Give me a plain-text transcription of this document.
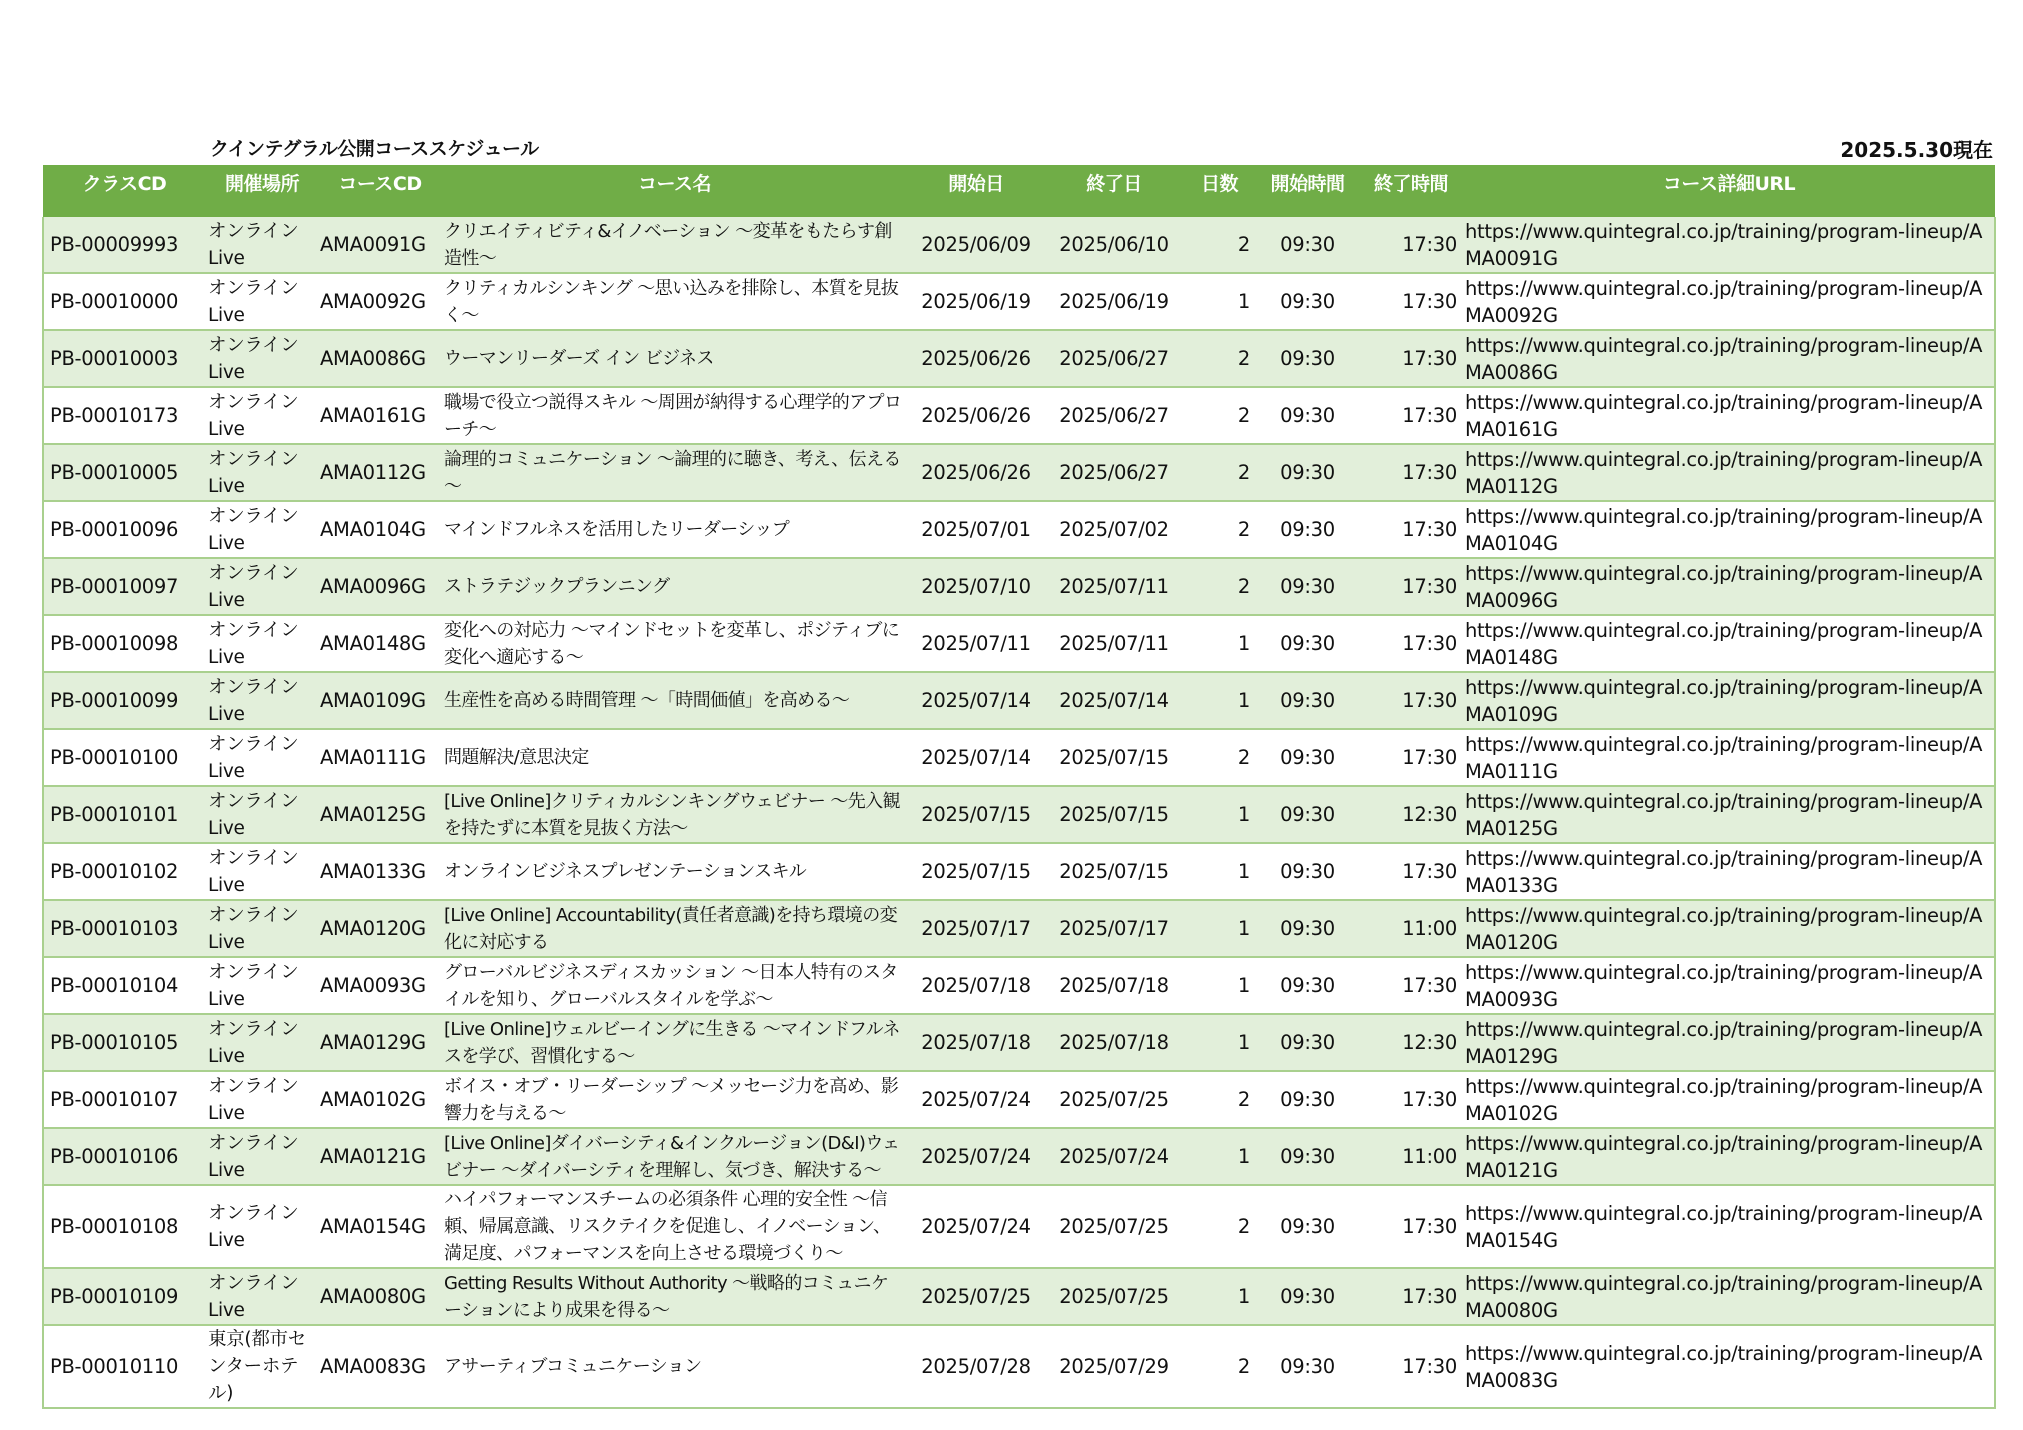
クインテグラル公開コーススケジュール	2025.5.30現在
クラスCD	開催場所	コースCD	コース名	開始日	終了日	日数	開始時間	終了時間	コース詳細URL
PB-00009993	オンライン Live	AMA0091G	クリエイティビティ&イノベーション ～変革をもたらす創造性～	2025/06/09	2025/06/10	2	09:30	17:30	https://www.quintegral.co.jp/training/program-lineup/AMA0091G
PB-00010000	オンライン Live	AMA0092G	クリティカルシンキング ～思い込みを排除し、本質を見抜く～	2025/06/19	2025/06/19	1	09:30	17:30	https://www.quintegral.co.jp/training/program-lineup/AMA0092G
PB-00010003	オンライン Live	AMA0086G	ウーマンリーダーズ イン ビジネス	2025/06/26	2025/06/27	2	09:30	17:30	https://www.quintegral.co.jp/training/program-lineup/AMA0086G
PB-00010173	オンライン Live	AMA0161G	職場で役立つ説得スキル ～周囲が納得する心理学的アプローチ～	2025/06/26	2025/06/27	2	09:30	17:30	https://www.quintegral.co.jp/training/program-lineup/AMA0161G
PB-00010005	オンライン Live	AMA0112G	論理的コミュニケーション ～論理的に聴き、考え、伝える～	2025/06/26	2025/06/27	2	09:30	17:30	https://www.quintegral.co.jp/training/program-lineup/AMA0112G
PB-00010096	オンライン Live	AMA0104G	マインドフルネスを活用したリーダーシップ	2025/07/01	2025/07/02	2	09:30	17:30	https://www.quintegral.co.jp/training/program-lineup/AMA0104G
PB-00010097	オンライン Live	AMA0096G	ストラテジックプランニング	2025/07/10	2025/07/11	2	09:30	17:30	https://www.quintegral.co.jp/training/program-lineup/AMA0096G
PB-00010098	オンライン Live	AMA0148G	変化への対応力 ～マインドセットを変革し、ポジティブに変化へ適応する～	2025/07/11	2025/07/11	1	09:30	17:30	https://www.quintegral.co.jp/training/program-lineup/AMA0148G
PB-00010099	オンライン Live	AMA0109G	生産性を高める時間管理 ～「時間価値」を高める～	2025/07/14	2025/07/14	1	09:30	17:30	https://www.quintegral.co.jp/training/program-lineup/AMA0109G
PB-00010100	オンライン Live	AMA0111G	問題解決/意思決定	2025/07/14	2025/07/15	2	09:30	17:30	https://www.quintegral.co.jp/training/program-lineup/AMA0111G
PB-00010101	オンライン Live	AMA0125G	[Live Online]クリティカルシンキングウェビナー ～先入観を持たずに本質を見抜く方法～	2025/07/15	2025/07/15	1	09:30	12:30	https://www.quintegral.co.jp/training/program-lineup/AMA0125G
PB-00010102	オンライン Live	AMA0133G	オンラインビジネスプレゼンテーションスキル	2025/07/15	2025/07/15	1	09:30	17:30	https://www.quintegral.co.jp/training/program-lineup/AMA0133G
PB-00010103	オンライン Live	AMA0120G	[Live Online] Accountability(責任者意識)を持ち環境の変化に対応する	2025/07/17	2025/07/17	1	09:30	11:00	https://www.quintegral.co.jp/training/program-lineup/AMA0120G
PB-00010104	オンライン Live	AMA0093G	グローバルビジネスディスカッション ～日本人特有のスタイルを知り、グローバルスタイルを学ぶ～	2025/07/18	2025/07/18	1	09:30	17:30	https://www.quintegral.co.jp/training/program-lineup/AMA0093G
PB-00010105	オンライン Live	AMA0129G	[Live Online]ウェルビーイングに生きる ～マインドフルネスを学び、習慣化する～	2025/07/18	2025/07/18	1	09:30	12:30	https://www.quintegral.co.jp/training/program-lineup/AMA0129G
PB-00010107	オンライン Live	AMA0102G	ボイス・オブ・リーダーシップ ～メッセージ力を高め、影響力を与える～	2025/07/24	2025/07/25	2	09:30	17:30	https://www.quintegral.co.jp/training/program-lineup/AMA0102G
PB-00010106	オンライン Live	AMA0121G	[Live Online]ダイバーシティ&インクルージョン(D&I)ウェビナー ～ダイバーシティを理解し、気づき、解決する～	2025/07/24	2025/07/24	1	09:30	11:00	https://www.quintegral.co.jp/training/program-lineup/AMA0121G
PB-00010108	オンライン Live	AMA0154G	ハイパフォーマンスチームの必須条件 心理的安全性 ～信頼、帰属意識、リスクテイクを促進し、イノベーション、満足度、パフォーマンスを向上させる環境づくり～	2025/07/24	2025/07/25	2	09:30	17:30	https://www.quintegral.co.jp/training/program-lineup/AMA0154G
PB-00010109	オンライン Live	AMA0080G	Getting Results Without Authority ～戦略的コミュニケーションにより成果を得る～	2025/07/25	2025/07/25	1	09:30	17:30	https://www.quintegral.co.jp/training/program-lineup/AMA0080G
PB-00010110	東京(都市センターホテル)	AMA0083G	アサーティブコミュニケーション	2025/07/28	2025/07/29	2	09:30	17:30	https://www.quintegral.co.jp/training/program-lineup/AMA0083G
